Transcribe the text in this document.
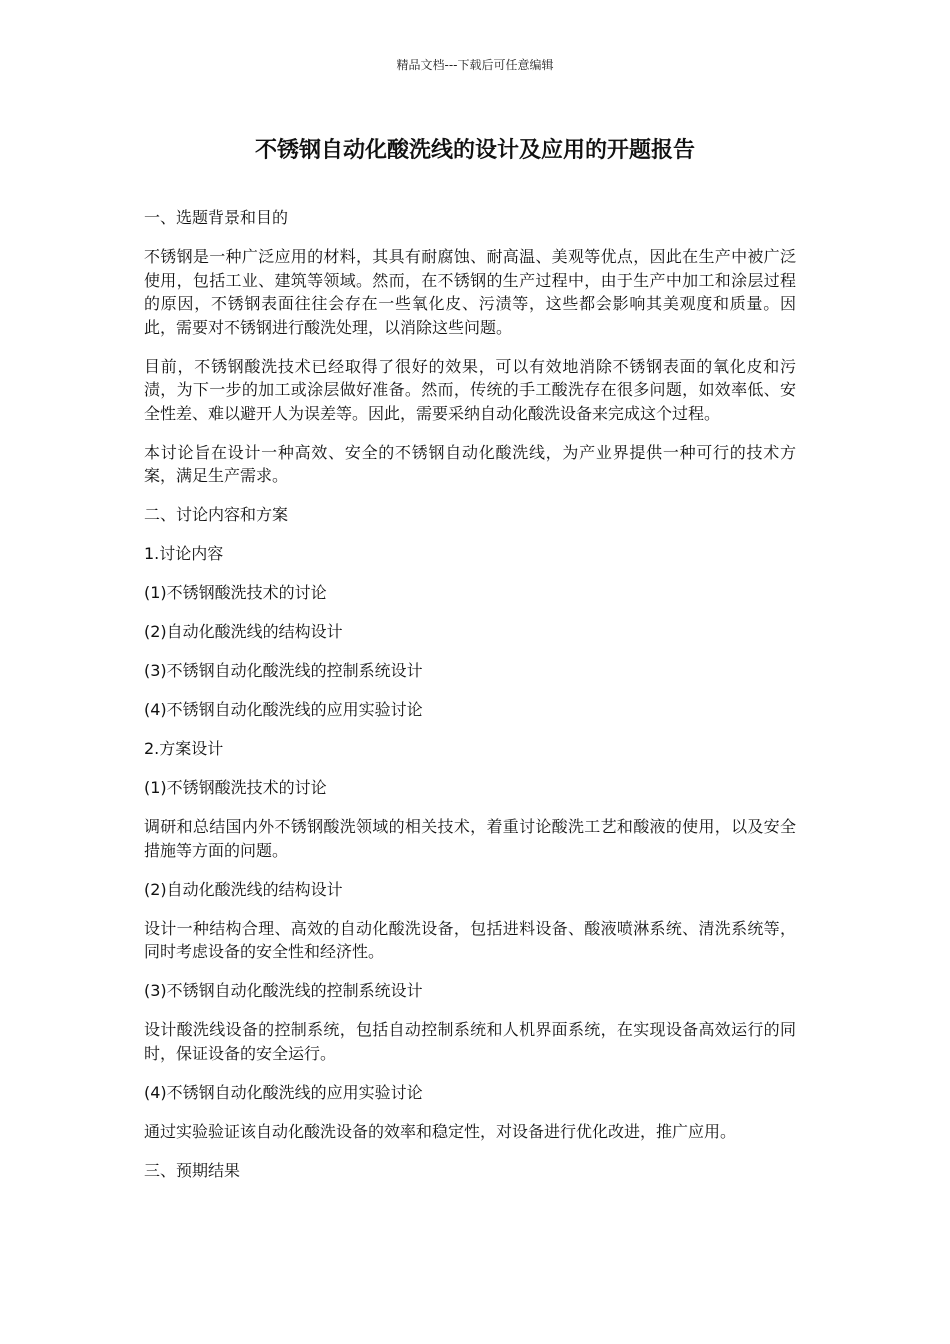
精品文档---下载后可任意编辑
不锈钢自动化酸洗线的设计及应用的开题报告

一、选题背景和目的

不锈钢是一种广泛应用的材料，其具有耐腐蚀、耐高温、美观等优点，因此在生产中被广泛使用，包括工业、建筑等领域。然而，在不锈钢的生产过程中，由于生产中加工和涂层过程的原因，不锈钢表面往往会存在一些氧化皮、污渍等，这些都会影响其美观度和质量。因此，需要对不锈钢进行酸洗处理，以消除这些问题。

目前，不锈钢酸洗技术已经取得了很好的效果，可以有效地消除不锈钢表面的氧化皮和污渍，为下一步的加工或涂层做好准备。然而，传统的手工酸洗存在很多问题，如效率低、安全性差、难以避开人为误差等。因此，需要采纳自动化酸洗设备来完成这个过程。

本讨论旨在设计一种高效、安全的不锈钢自动化酸洗线，为产业界提供一种可行的技术方案，满足生产需求。

二、讨论内容和方案

1.讨论内容

(1)不锈钢酸洗技术的讨论

(2)自动化酸洗线的结构设计

(3)不锈钢自动化酸洗线的控制系统设计

(4)不锈钢自动化酸洗线的应用实验讨论

2.方案设计

(1)不锈钢酸洗技术的讨论

调研和总结国内外不锈钢酸洗领域的相关技术，着重讨论酸洗工艺和酸液的使用，以及安全措施等方面的问题。

(2)自动化酸洗线的结构设计

设计一种结构合理、高效的自动化酸洗设备，包括进料设备、酸液喷淋系统、清洗系统等，同时考虑设备的安全性和经济性。

(3)不锈钢自动化酸洗线的控制系统设计

设计酸洗线设备的控制系统，包括自动控制系统和人机界面系统，在实现设备高效运行的同时，保证设备的安全运行。

(4)不锈钢自动化酸洗线的应用实验讨论

通过实验验证该自动化酸洗设备的效率和稳定性，对设备进行优化改进，推广应用。

三、预期结果
